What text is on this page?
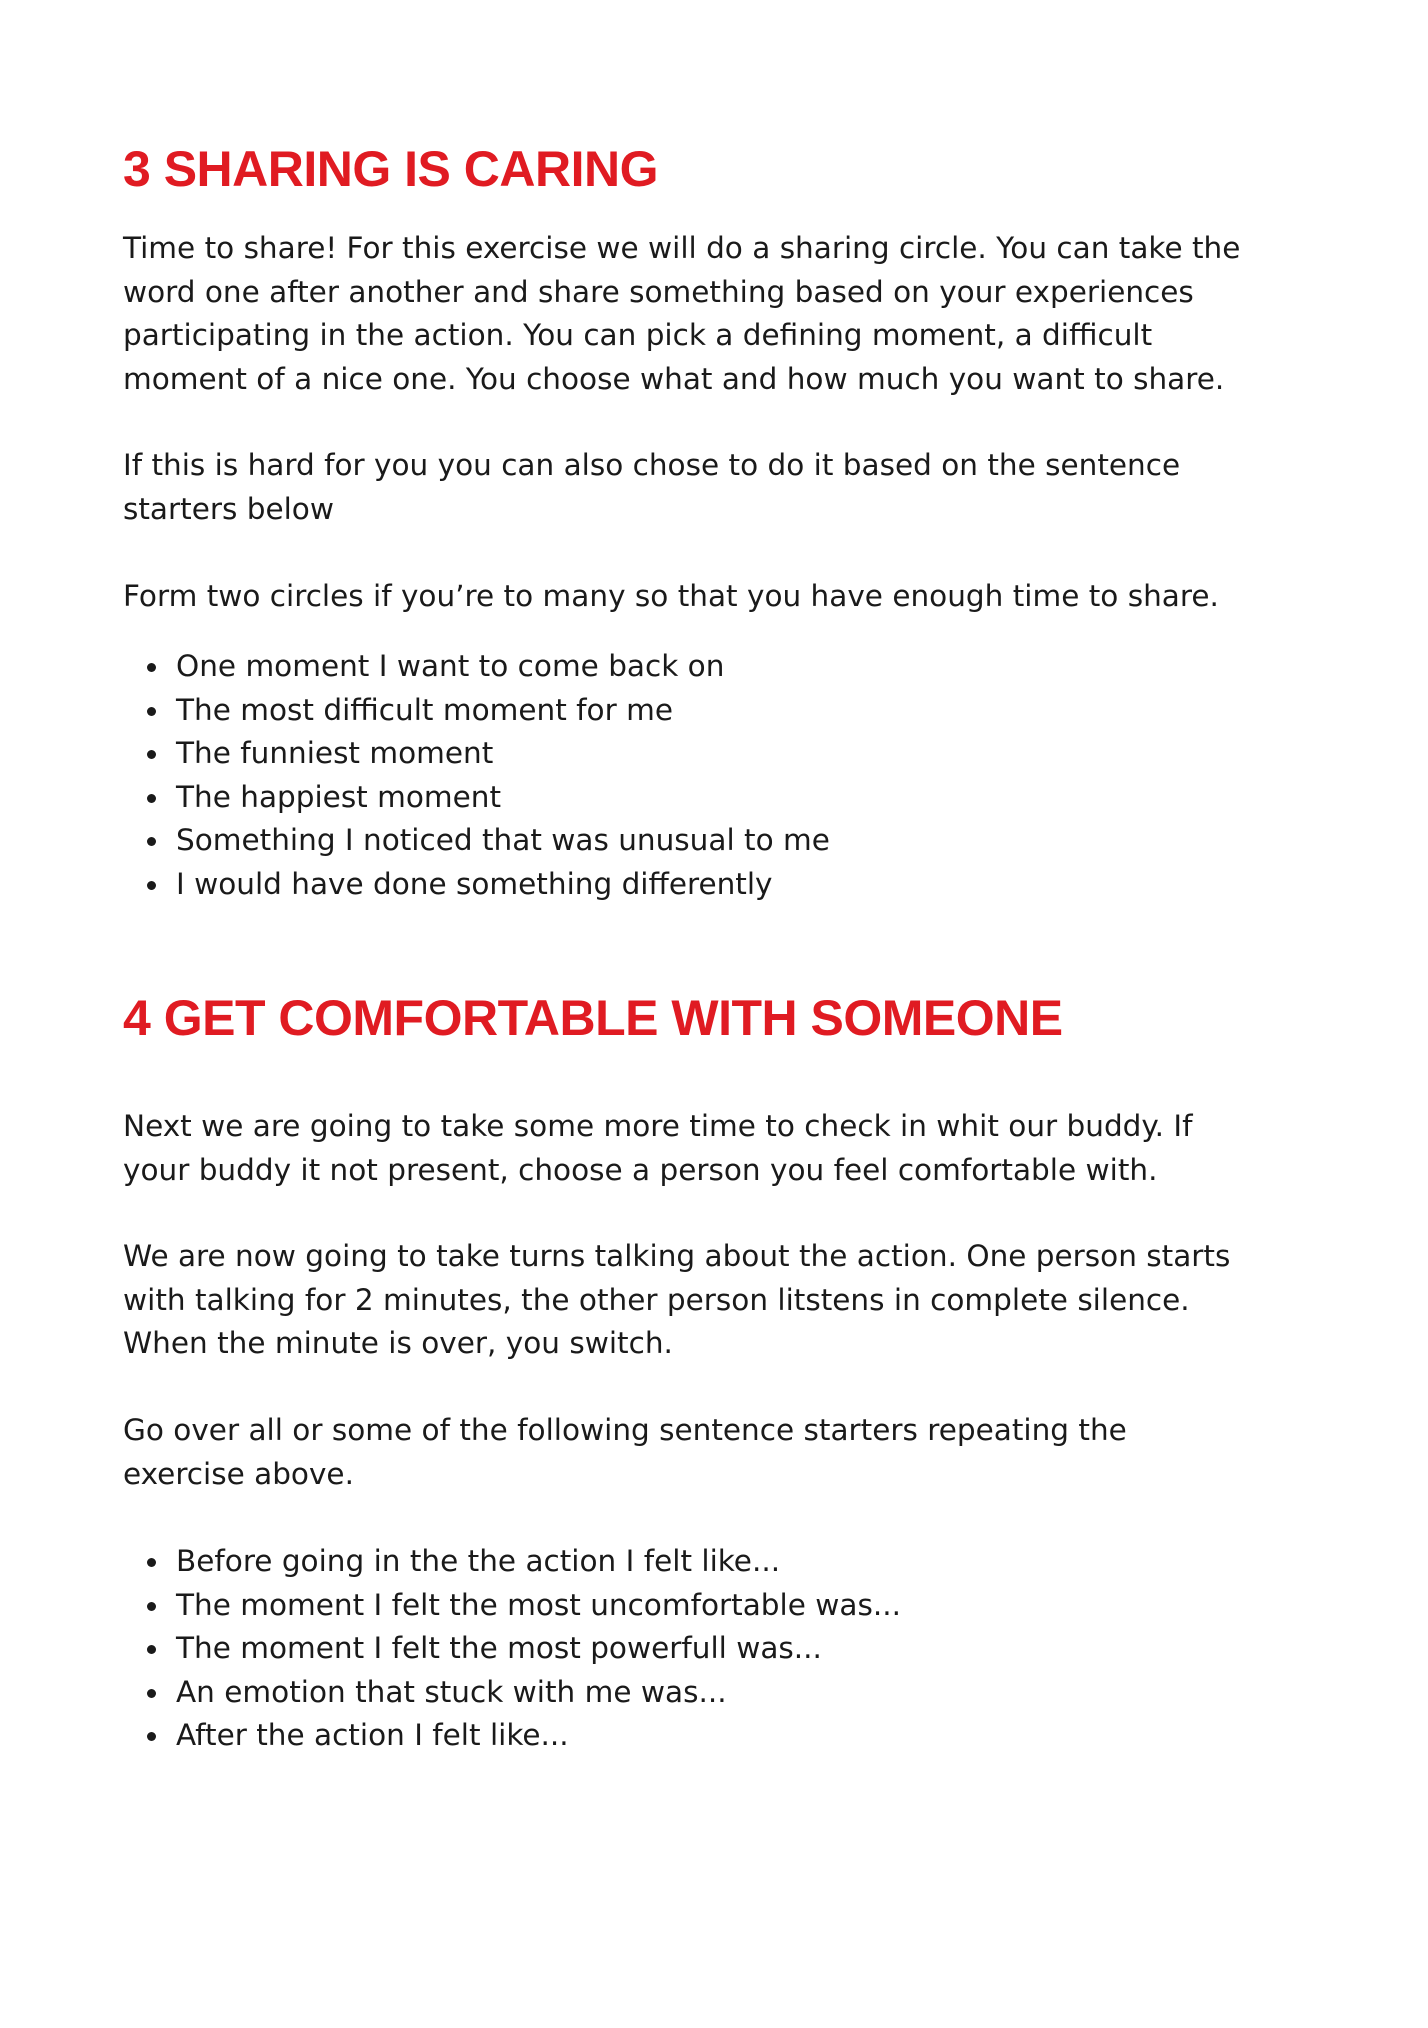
3 SHARING IS CARING

Time to share! For this exercise we will do a sharing circle. You can take the
word one after another and share something based on your experiences
participating in the action. You can pick a defining moment, a difficult
moment of a nice one. You choose what and how much you want to share.

If this is hard for you you can also chose to do it based on the sentence
starters below

Form two circles if you’re to many so that you have enough time to share.

One moment I want to come back on
The most difficult moment for me
The funniest moment
The happiest moment
Something I noticed that was unusual to me
I would have done something differently
4 GET COMFORTABLE WITH SOMEONE

Next we are going to take some more time to check in whit our buddy. If
your buddy it not present, choose a person you feel comfortable with.

We are now going to take turns talking about the action. One person starts
with talking for 2 minutes, the other person litstens in complete silence.
When the minute is over, you switch.

Go over all or some of the following sentence starters repeating the
exercise above.

Before going in the the action I felt like...
The moment I felt the most uncomfortable was...
The moment I felt the most powerfull was...
An emotion that stuck with me was...
After the action I felt like...
